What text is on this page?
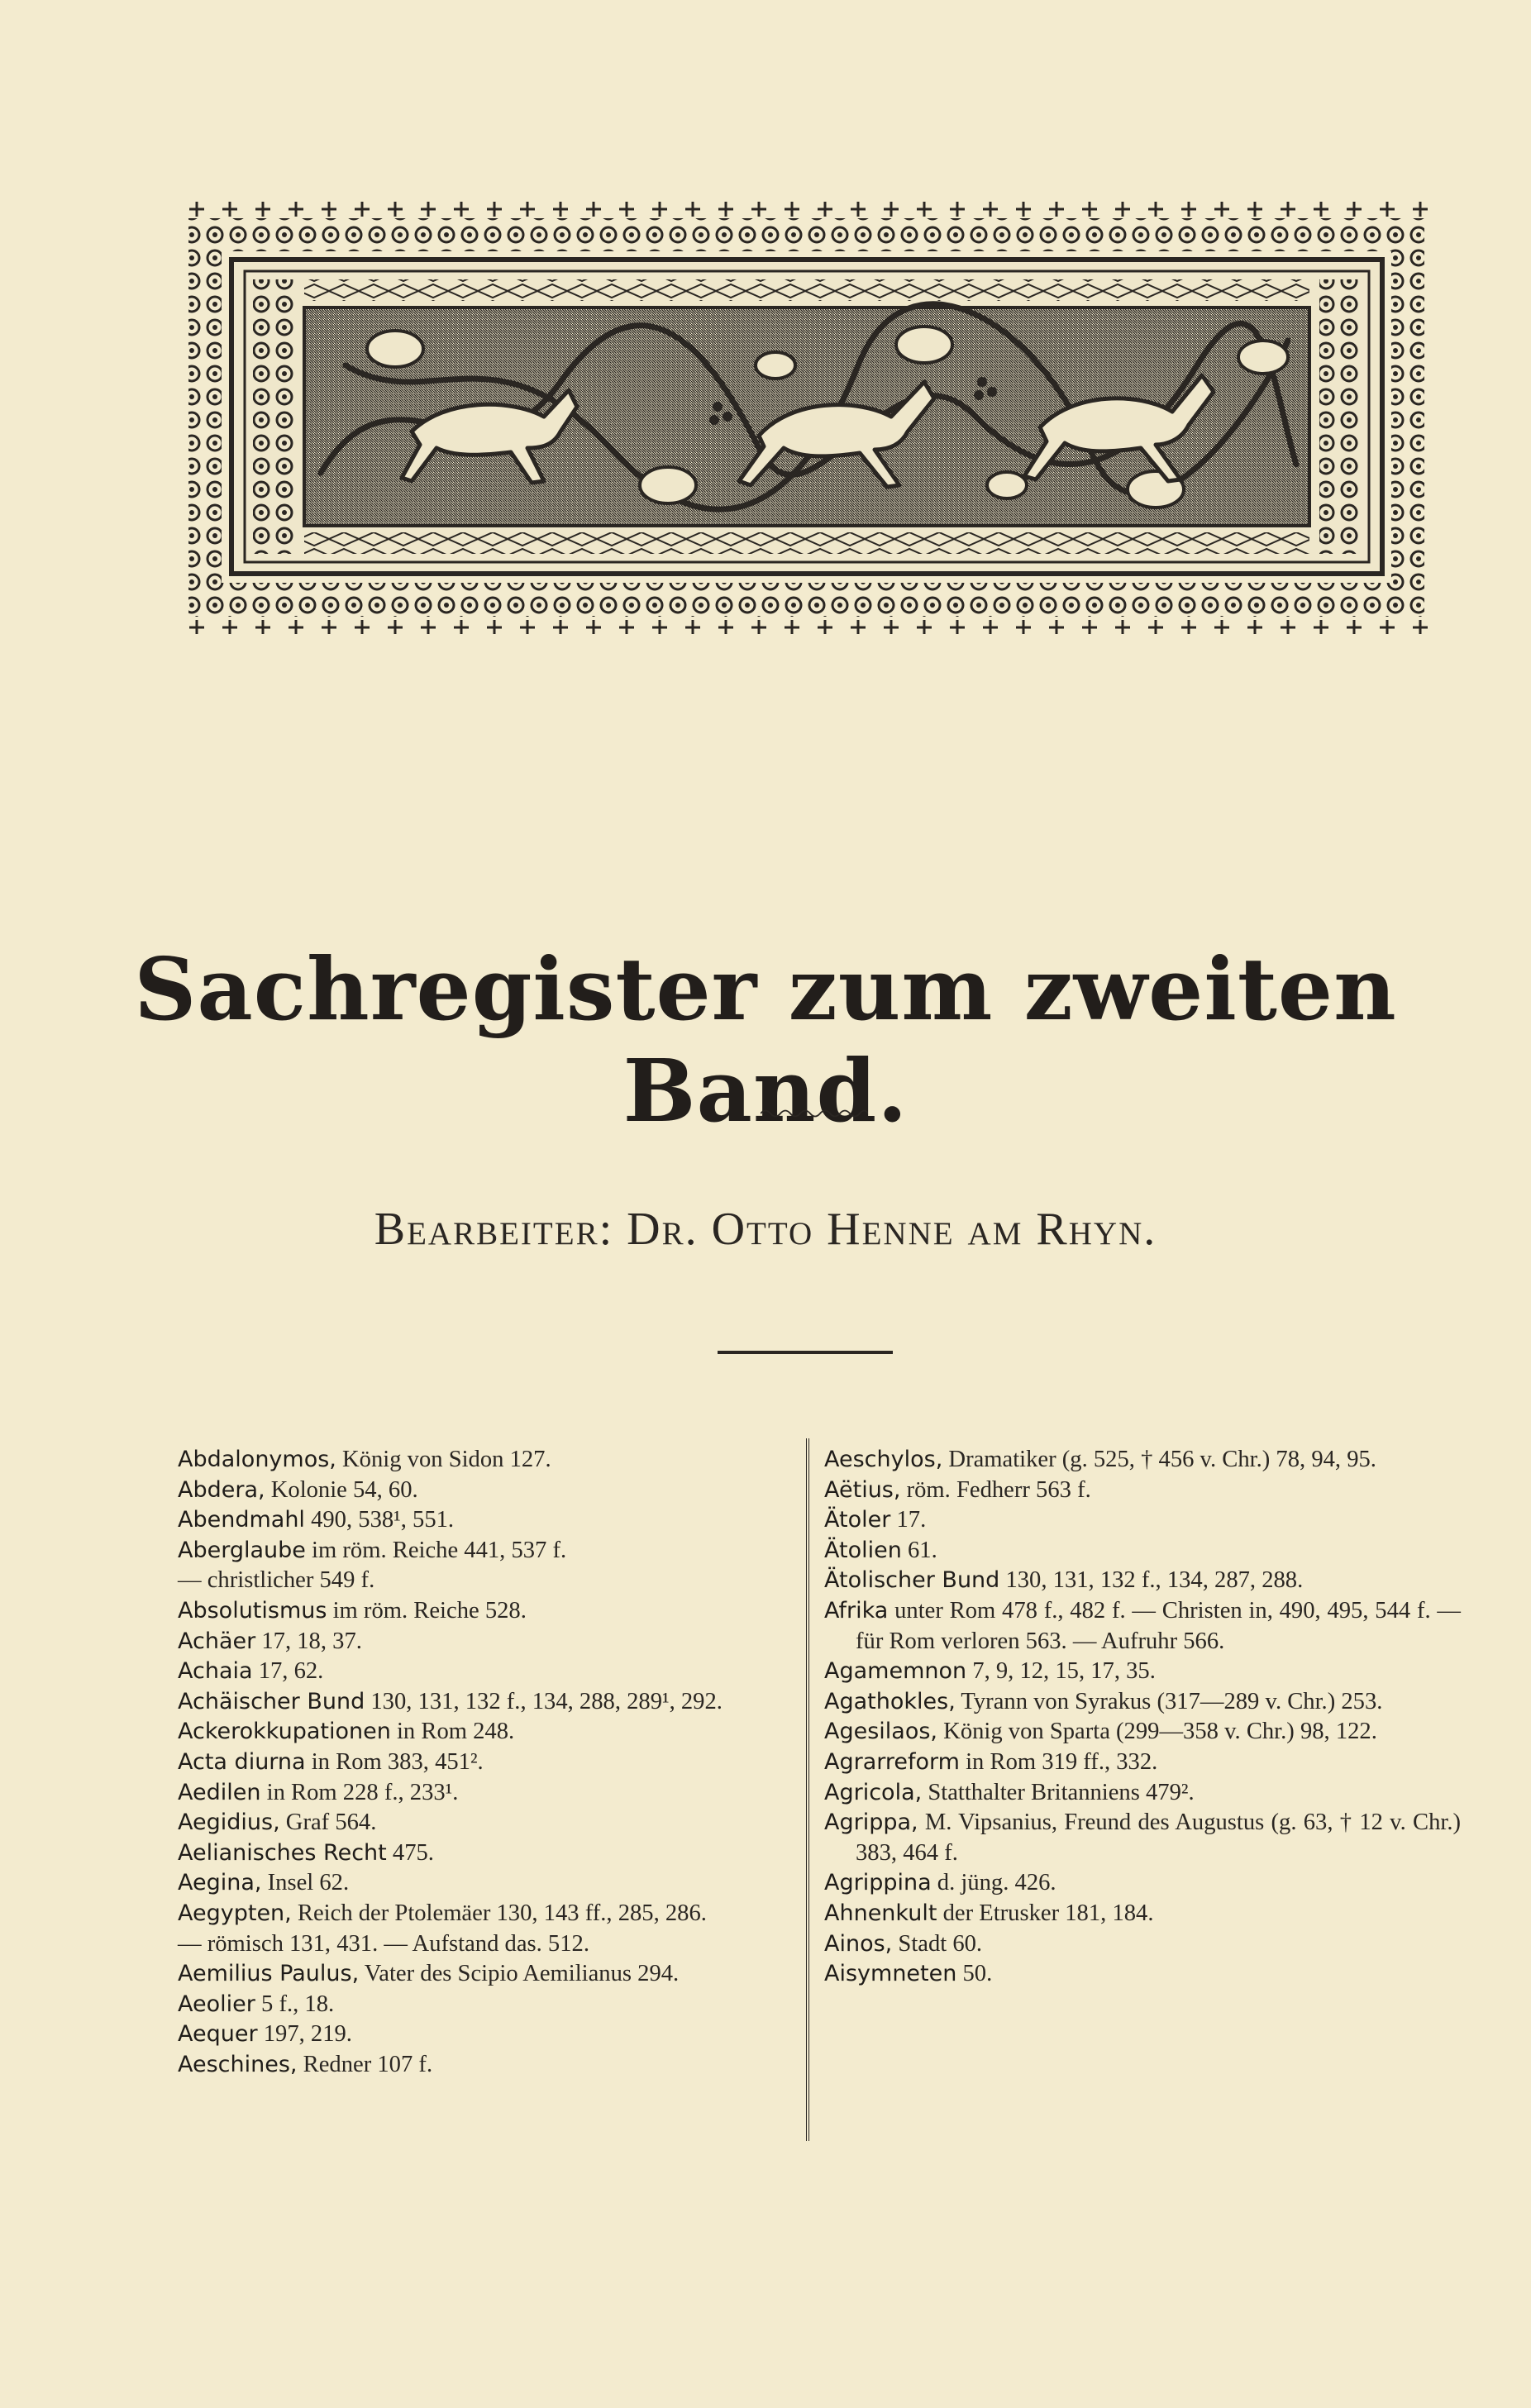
Sachregister zum zweiten Band.
Bearbeiter: Dr. Otto Henne am Rhyn.
Abdalonymos, König von Sidon 127.
Abdera, Kolonie 54, 60.
Abendmahl 490, 538¹, 551.
Aberglaube im röm. Reiche 441, 537 f.
— christlicher 549 f.
Absolutismus im röm. Reiche 528.
Achäer 17, 18, 37.
Achaia 17, 62.
Achäischer Bund 130, 131, 132 f., 134, 288, 289¹, 292.
Ackerokkupationen in Rom 248.
Acta diurna in Rom 383, 451².
Aedilen in Rom 228 f., 233¹.
Aegidius, Graf 564.
Aelianisches Recht 475.
Aegina, Insel 62.
Aegypten, Reich der Ptolemäer 130, 143 ff., 285, 286.
— römisch 131, 431. — Aufstand das. 512.
Aemilius Paulus, Vater des Scipio Aemilianus 294.
Aeolier 5 f., 18.
Aequer 197, 219.
Aeschines, Redner 107 f.
Aeschylos, Dramatiker (g. 525, † 456 v. Chr.) 78, 94, 95.
Aëtius, röm. Fedherr 563 f.
Ätoler 17.
Ätolien 61.
Ätolischer Bund 130, 131, 132 f., 134, 287, 288.
Afrika unter Rom 478 f., 482 f. — Christen in, 490, 495, 544 f. — für Rom verloren 563. — Aufruhr 566.
Agamemnon 7, 9, 12, 15, 17, 35.
Agathokles, Tyrann von Syrakus (317—289 v. Chr.) 253.
Agesilaos, König von Sparta (299—358 v. Chr.) 98, 122.
Agrarreform in Rom 319 ff., 332.
Agricola, Statthalter Britanniens 479².
Agrippa, M. Vipsanius, Freund des Augustus (g. 63, † 12 v. Chr.) 383, 464 f.
Agrippina d. jüng. 426.
Ahnenkult der Etrusker 181, 184.
Ainos, Stadt 60.
Aisymneten 50.
